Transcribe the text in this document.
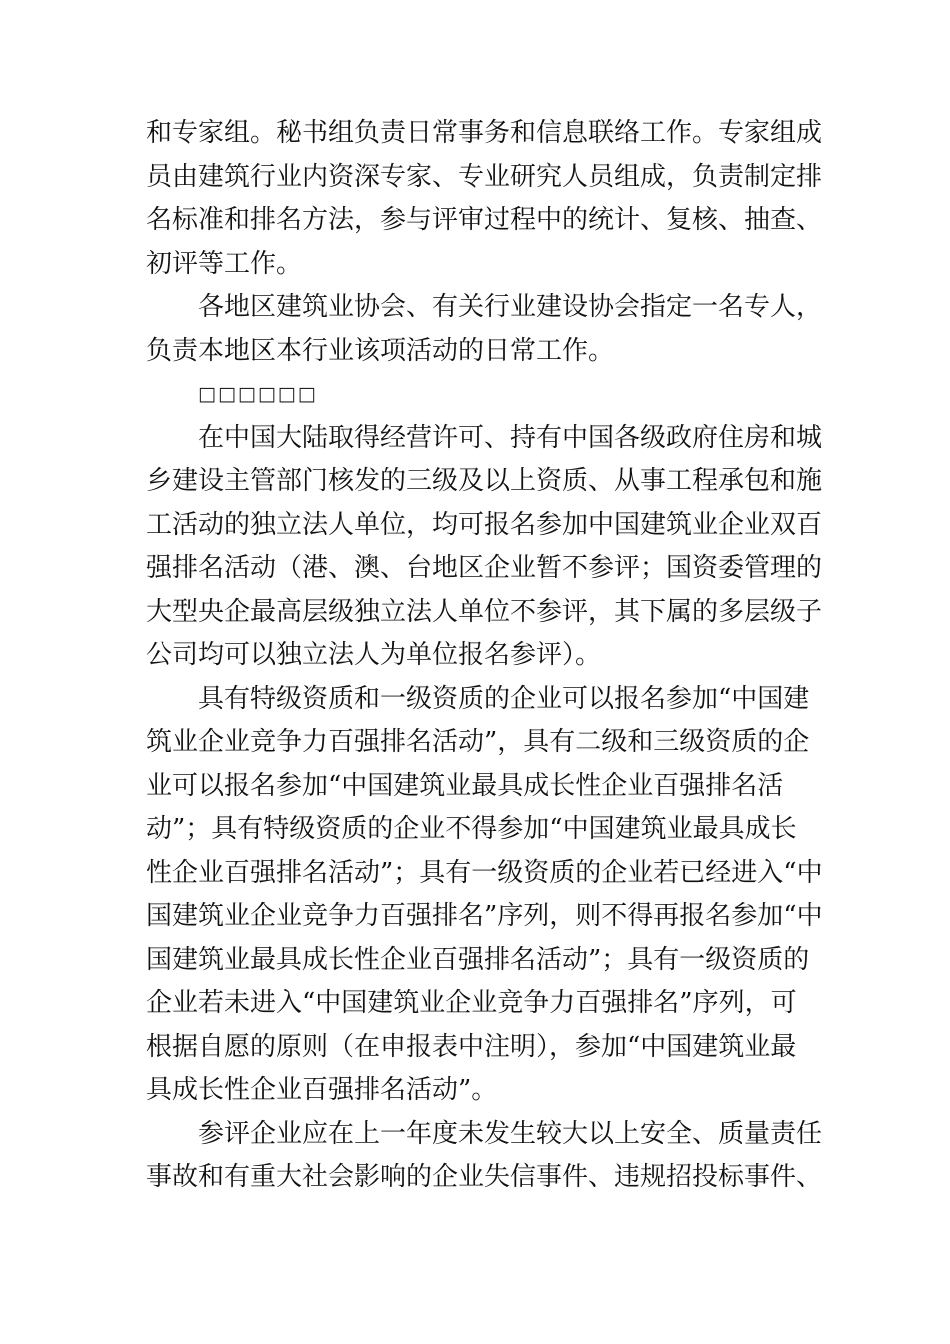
和专家组。秘书组负责日常事务和信息联络工作。专家组成
员由建筑行业内资深专家、专业研究人员组成，负责制定排
名标准和排名方法，参与评审过程中的统计、复核、抽查、
初评等工作。
各地区建筑业协会、有关行业建设协会指定一名专人，
负责本地区本行业该项活动的日常工作。
□□□□□□
在中国大陆取得经营许可、持有中国各级政府住房和城
乡建设主管部门核发的三级及以上资质、从事工程承包和施
工活动的独立法人单位，均可报名参加中国建筑业企业双百
强排名活动（港、澳、台地区企业暂不参评；国资委管理的
大型央企最高层级独立法人单位不参评，其下属的多层级子
公司均可以独立法人为单位报名参评）。
具有特级资质和一级资质的企业可以报名参加“中国建
筑业企业竞争力百强排名活动”，具有二级和三级资质的企
业可以报名参加“中国建筑业最具成长性企业百强排名活
动”；具有特级资质的企业不得参加“中国建筑业最具成长
性企业百强排名活动”；具有一级资质的企业若已经进入“中
国建筑业企业竞争力百强排名”序列，则不得再报名参加“中
国建筑业最具成长性企业百强排名活动”；具有一级资质的
企业若未进入“中国建筑业企业竞争力百强排名”序列，可
根据自愿的原则（在申报表中注明），参加“中国建筑业最
具成长性企业百强排名活动”。
参评企业应在上一年度未发生较大以上安全、质量责任
事故和有重大社会影响的企业失信事件、违规招投标事件、
